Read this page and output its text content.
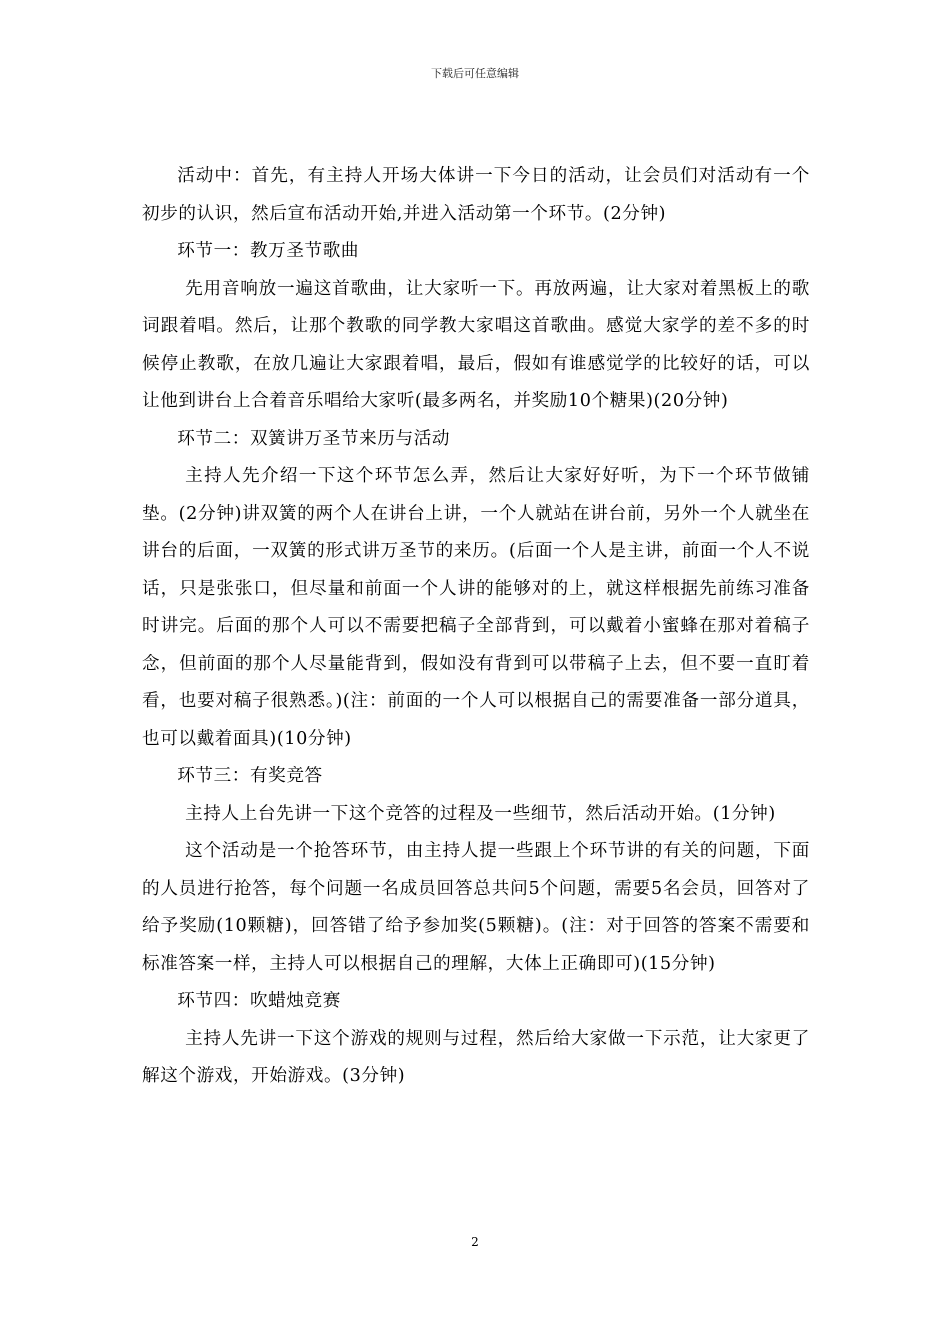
下载后可任意编辑

活动中：首先，有主持人开场大体讲一下今日的活动，让会员们对活动有一个初步的认识，然后宣布活动开始,并进入活动第一个环节。(2分钟)

环节一：教万圣节歌曲

先用音响放一遍这首歌曲，让大家听一下。再放两遍，让大家对着黑板上的歌词跟着唱。然后，让那个教歌的同学教大家唱这首歌曲。感觉大家学的差不多的时候停止教歌，在放几遍让大家跟着唱，最后，假如有谁感觉学的比较好的话，可以让他到讲台上合着音乐唱给大家听(最多两名，并奖励10个糖果)(20分钟)

环节二：双簧讲万圣节来历与活动

主持人先介绍一下这个环节怎么弄，然后让大家好好听，为下一个环节做铺垫。(2分钟)讲双簧的两个人在讲台上讲，一个人就站在讲台前，另外一个人就坐在讲台的后面，一双簧的形式讲万圣节的来历。(后面一个人是主讲，前面一个人不说话，只是张张口，但尽量和前面一个人讲的能够对的上，就这样根据先前练习准备时讲完。后面的那个人可以不需要把稿子全部背到，可以戴着小蜜蜂在那对着稿子念，但前面的那个人尽量能背到，假如没有背到可以带稿子上去，但不要一直盯着看，也要对稿子很熟悉。)(注：前面的一个人可以根据自己的需要准备一部分道具，也可以戴着面具)(10分钟)

环节三：有奖竞答

主持人上台先讲一下这个竞答的过程及一些细节，然后活动开始。(1分钟)

这个活动是一个抢答环节，由主持人提一些跟上个环节讲的有关的问题，下面的人员进行抢答，每个问题一名成员回答总共问5个问题，需要5名会员，回答对了给予奖励(10颗糖)，回答错了给予参加奖(5颗糖)。(注：对于回答的答案不需要和标准答案一样，主持人可以根据自己的理解，大体上正确即可)(15分钟)

环节四：吹蜡烛竞赛

主持人先讲一下这个游戏的规则与过程，然后给大家做一下示范，让大家更了解这个游戏，开始游戏。(3分钟)

2
